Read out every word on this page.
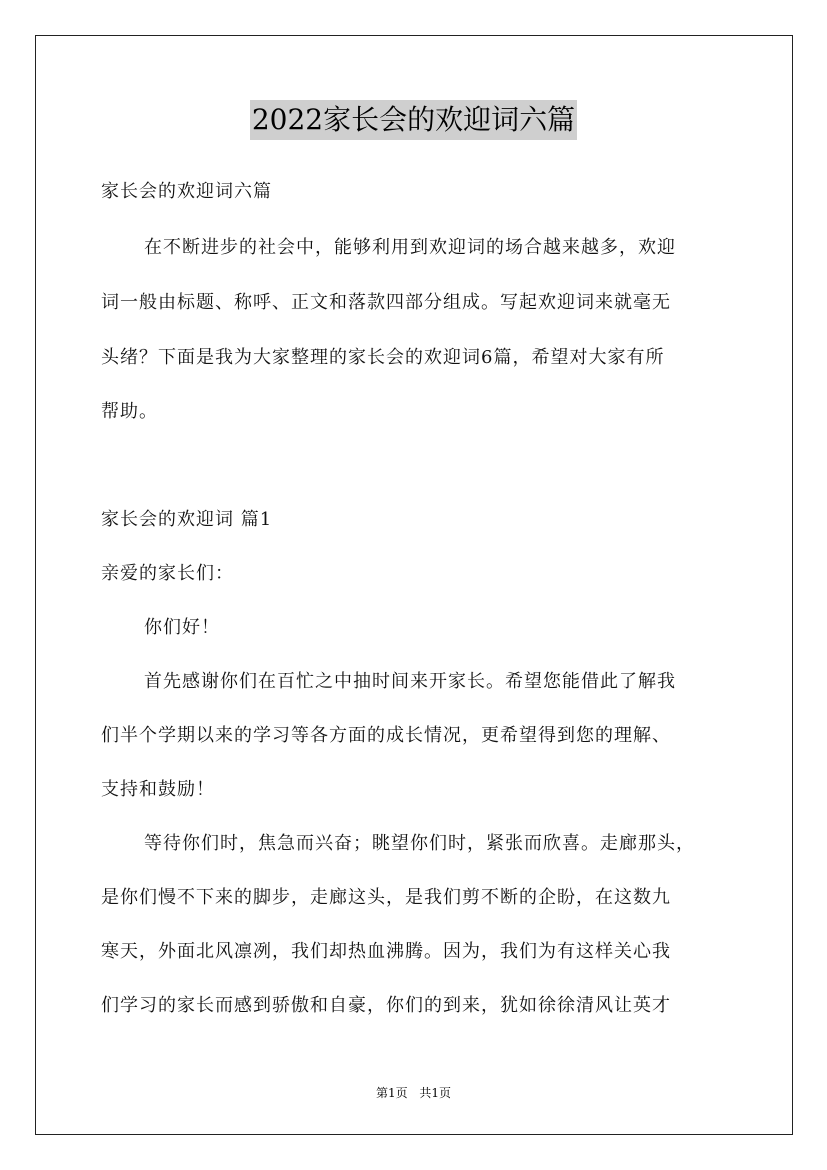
2022家长会的欢迎词六篇
家长会的欢迎词六篇
在不断进步的社会中，能够利用到欢迎词的场合越来越多，欢迎
词一般由标题、称呼、正文和落款四部分组成。写起欢迎词来就毫无
头绪？下面是我为大家整理的家长会的欢迎词6篇，希望对大家有所
帮助。
家长会的欢迎词 篇1
亲爱的家长们：
你们好！
首先感谢你们在百忙之中抽时间来开家长。希望您能借此了解我
们半个学期以来的学习等各方面的成长情况，更希望得到您的理解、
支持和鼓励！
等待你们时，焦急而兴奋；眺望你们时，紧张而欣喜。走廊那头，
是你们慢不下来的脚步，走廊这头，是我们剪不断的企盼，在这数九
寒天，外面北风凛冽，我们却热血沸腾。因为，我们为有这样关心我
们学习的家长而感到骄傲和自豪，你们的到来，犹如徐徐清风让英才
第1页 共1页
